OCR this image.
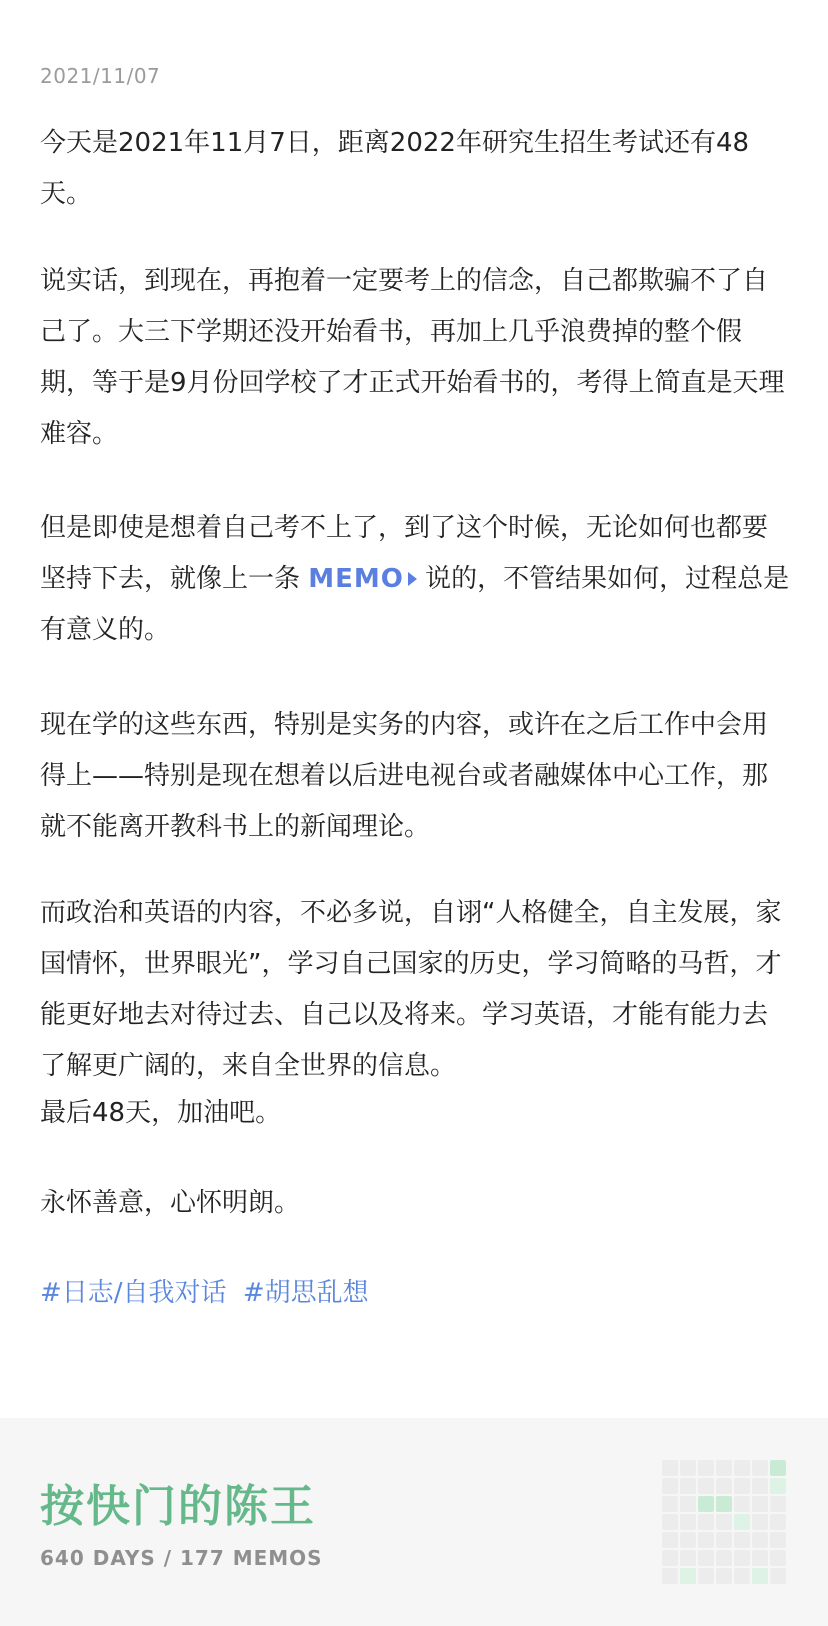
2021/11/07

今天是2021年11月7日，距离2022年研究生招生考试还有48天。

说实话，到现在，再抱着一定要考上的信念，自己都欺骗不了自己了。大三下学期还没开始看书，再加上几乎浪费掉的整个假期，等于是9月份回学校了才正式开始看书的，考得上简直是天理难容。

但是即使是想着自己考不上了，到了这个时候，无论如何也都要坚持下去，就像上一条 MEMO 说的，不管结果如何，过程总是有意义的。

现在学的这些东西，特别是实务的内容，或许在之后工作中会用得上——特别是现在想着以后进电视台或者融媒体中心工作，那就不能离开教科书上的新闻理论。

而政治和英语的内容，不必多说，自诩“人格健全，自主发展，家国情怀，世界眼光”，学习自己国家的历史，学习简略的马哲，才能更好地去对待过去、自己以及将来。学习英语，才能有能力去了解更广阔的，来自全世界的信息。

最后48天，加油吧。

永怀善意，心怀明朗。

#日志/自我对话 #胡思乱想
按快门的陈王
640 DAYS / 177 MEMOS
